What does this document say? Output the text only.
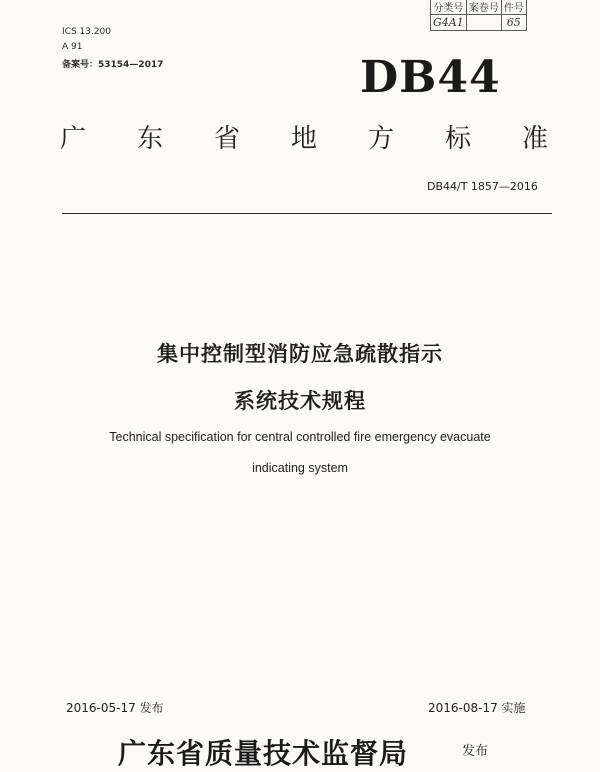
ICS 13.200
A 91
备案号：53154—2017
分类号	案卷号	件号
G4A1		65
DB44
广 东 省 地 方 标 准
DB44/T 1857—2016
集中控制型消防应急疏散指示
系统技术规程
Technical specification for central controlled fire emergency evacuate
indicating system
2016-05-17 发布	2016-08-17 实施
广东省质量技术监督局	发布
